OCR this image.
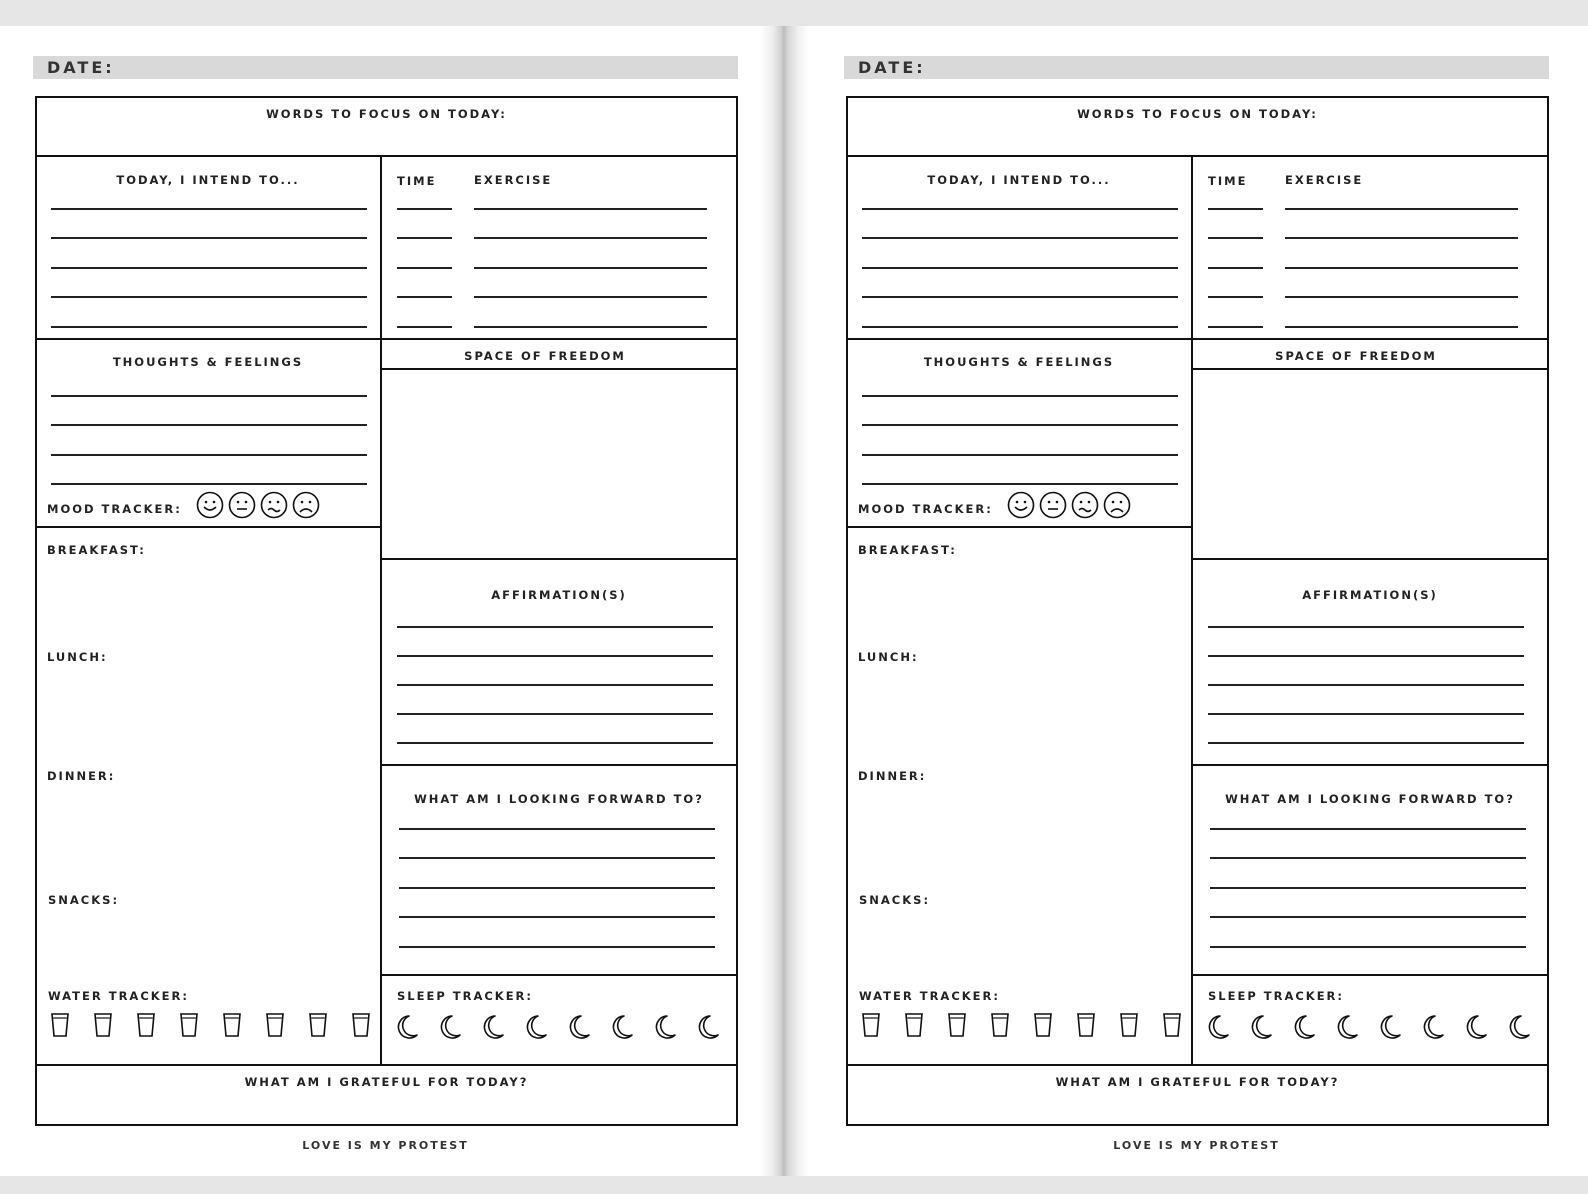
DATE:
WORDS TO FOCUS ON TODAY:
TODAY, I INTEND TO...	TIME	EXERCISE
THOUGHTS & FEELINGS	SPACE OF FREEDOM
MOOD TRACKER:
BREAKFAST:
LUNCH:
DINNER:
SNACKS:
AFFIRMATION(S)
WHAT AM I LOOKING FORWARD TO?
WATER TRACKER:	SLEEP TRACKER:
WHAT AM I GRATEFUL FOR TODAY?
LOVE IS MY PROTEST
DATE:
WORDS TO FOCUS ON TODAY:
TODAY, I INTEND TO...	TIME	EXERCISE
THOUGHTS & FEELINGS	SPACE OF FREEDOM
MOOD TRACKER:
BREAKFAST:
LUNCH:
DINNER:
SNACKS:
AFFIRMATION(S)
WHAT AM I LOOKING FORWARD TO?
WATER TRACKER:	SLEEP TRACKER:
WHAT AM I GRATEFUL FOR TODAY?
LOVE IS MY PROTEST
